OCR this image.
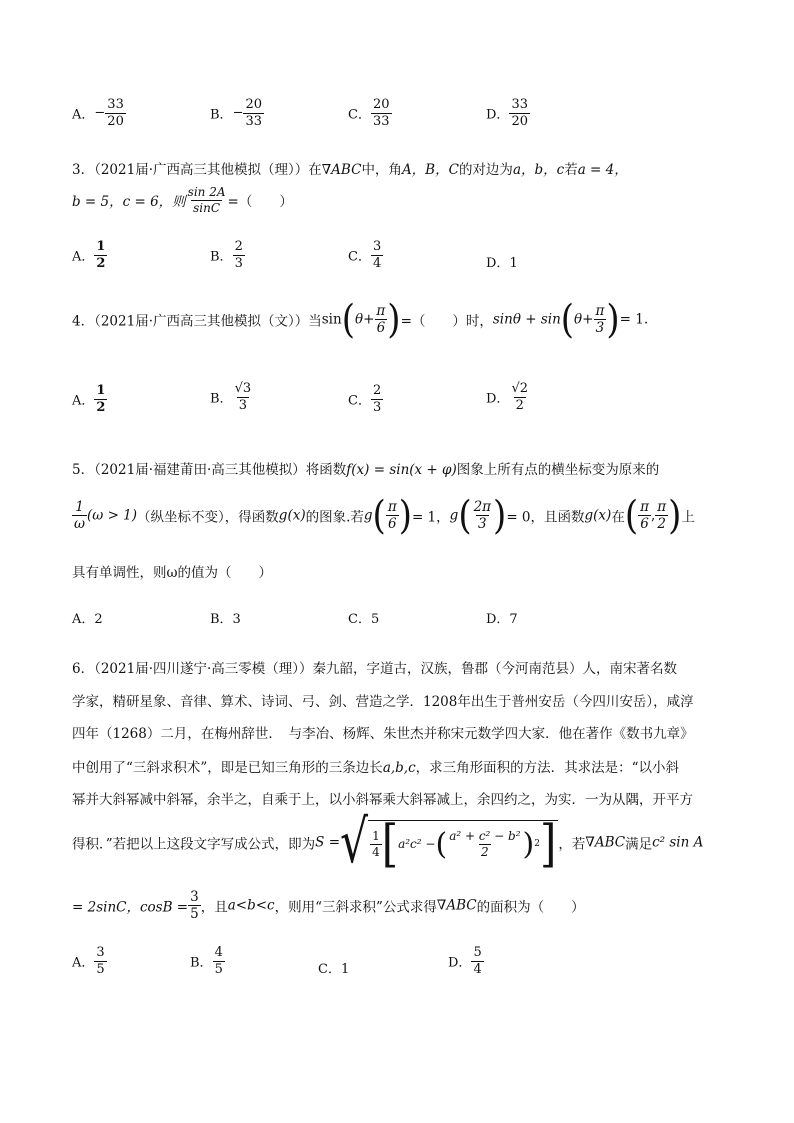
A．− $\frac{33}{20}$	B．− $\frac{20}{33}$	C． $\frac{20}{33}$	D． $\frac{33}{20}$
3．（2021届·广西高三其他模拟（理））在∇ABC中，角A，B，C的对边为a，b，c若a = 4，
b = 5，c = 6，则 $\frac{\sin 2A}{\sin C}$ =（　　）
A． $\frac{1}{2}$	B． $\frac{2}{3}$	C． $\frac{3}{4}$	D．1
4．（2021届·广西高三其他模拟（文））当$\sin(\theta+ \frac{\pi}{6}$ )=（　　）时，$\sin\theta + \sin(\theta+ \frac{\pi}{3}$ )= 1.
A． $\frac{1}{2}$	B． $\frac{√3}{3}$	C． $\frac{2}{3}$	D． $\frac{√2}{2}$
5．（2021届·福建莆田·高三其他模拟）将函数f(x) = sin(x + φ)图象上所有点的横坐标变为原来的
$\frac{1}{\omega} (\omega > 1)$（纵坐标不变），得函数g(x)的图象.若$g( \frac{\pi}{6}$ )= 1，$g( \frac{2\pi}{3}$ )= 0，且函数g(x)在( $\frac{\pi}{6}$ , $\frac{\pi}{2}$ )上
具有单调性，则ω的值为（　　）
A．2	B．3	C．5	D．7
6．（2021届·四川遂宁·高三零模（理））秦九韶，字道古，汉族，鲁郡（今河南范县）人，南宋著名数
学家，精研星象、音律、算术、诗词、弓、剑、营造之学．1208年出生于普州安岳（今四川安岳），咸淳
四年（1268）二月，在梅州辞世．　与李冶、杨辉、朱世杰并称宋元数学四大家．他在著作《数书九章》
中创用了“三斜求积术”，即是已知三角形的三条边长a,b,c，求三角形面积的方法．其求法是：“以小斜
幂并大斜幂减中斜幂，余半之，自乘于上，以小斜幂乘大斜幂减上，余四约之，为实．一为从隅，开平方
得积．”若把以上这段文字写成公式，即为S = √ $\frac{1}{4}$ [ a²c² − ( $\frac{\text{a² + c² − b²}}{2}$ ) 2 ] ，若∇ABC满足c² sin A
= 2sinC，$\cos B = \frac{3}{5}$ ，且a<b<c，则用“三斜求积”公式求得∇ABC的面积为（　　）
A． $\frac{3}{5}$	B． $\frac{4}{5}$	C．1	D． $\frac{5}{4}$
